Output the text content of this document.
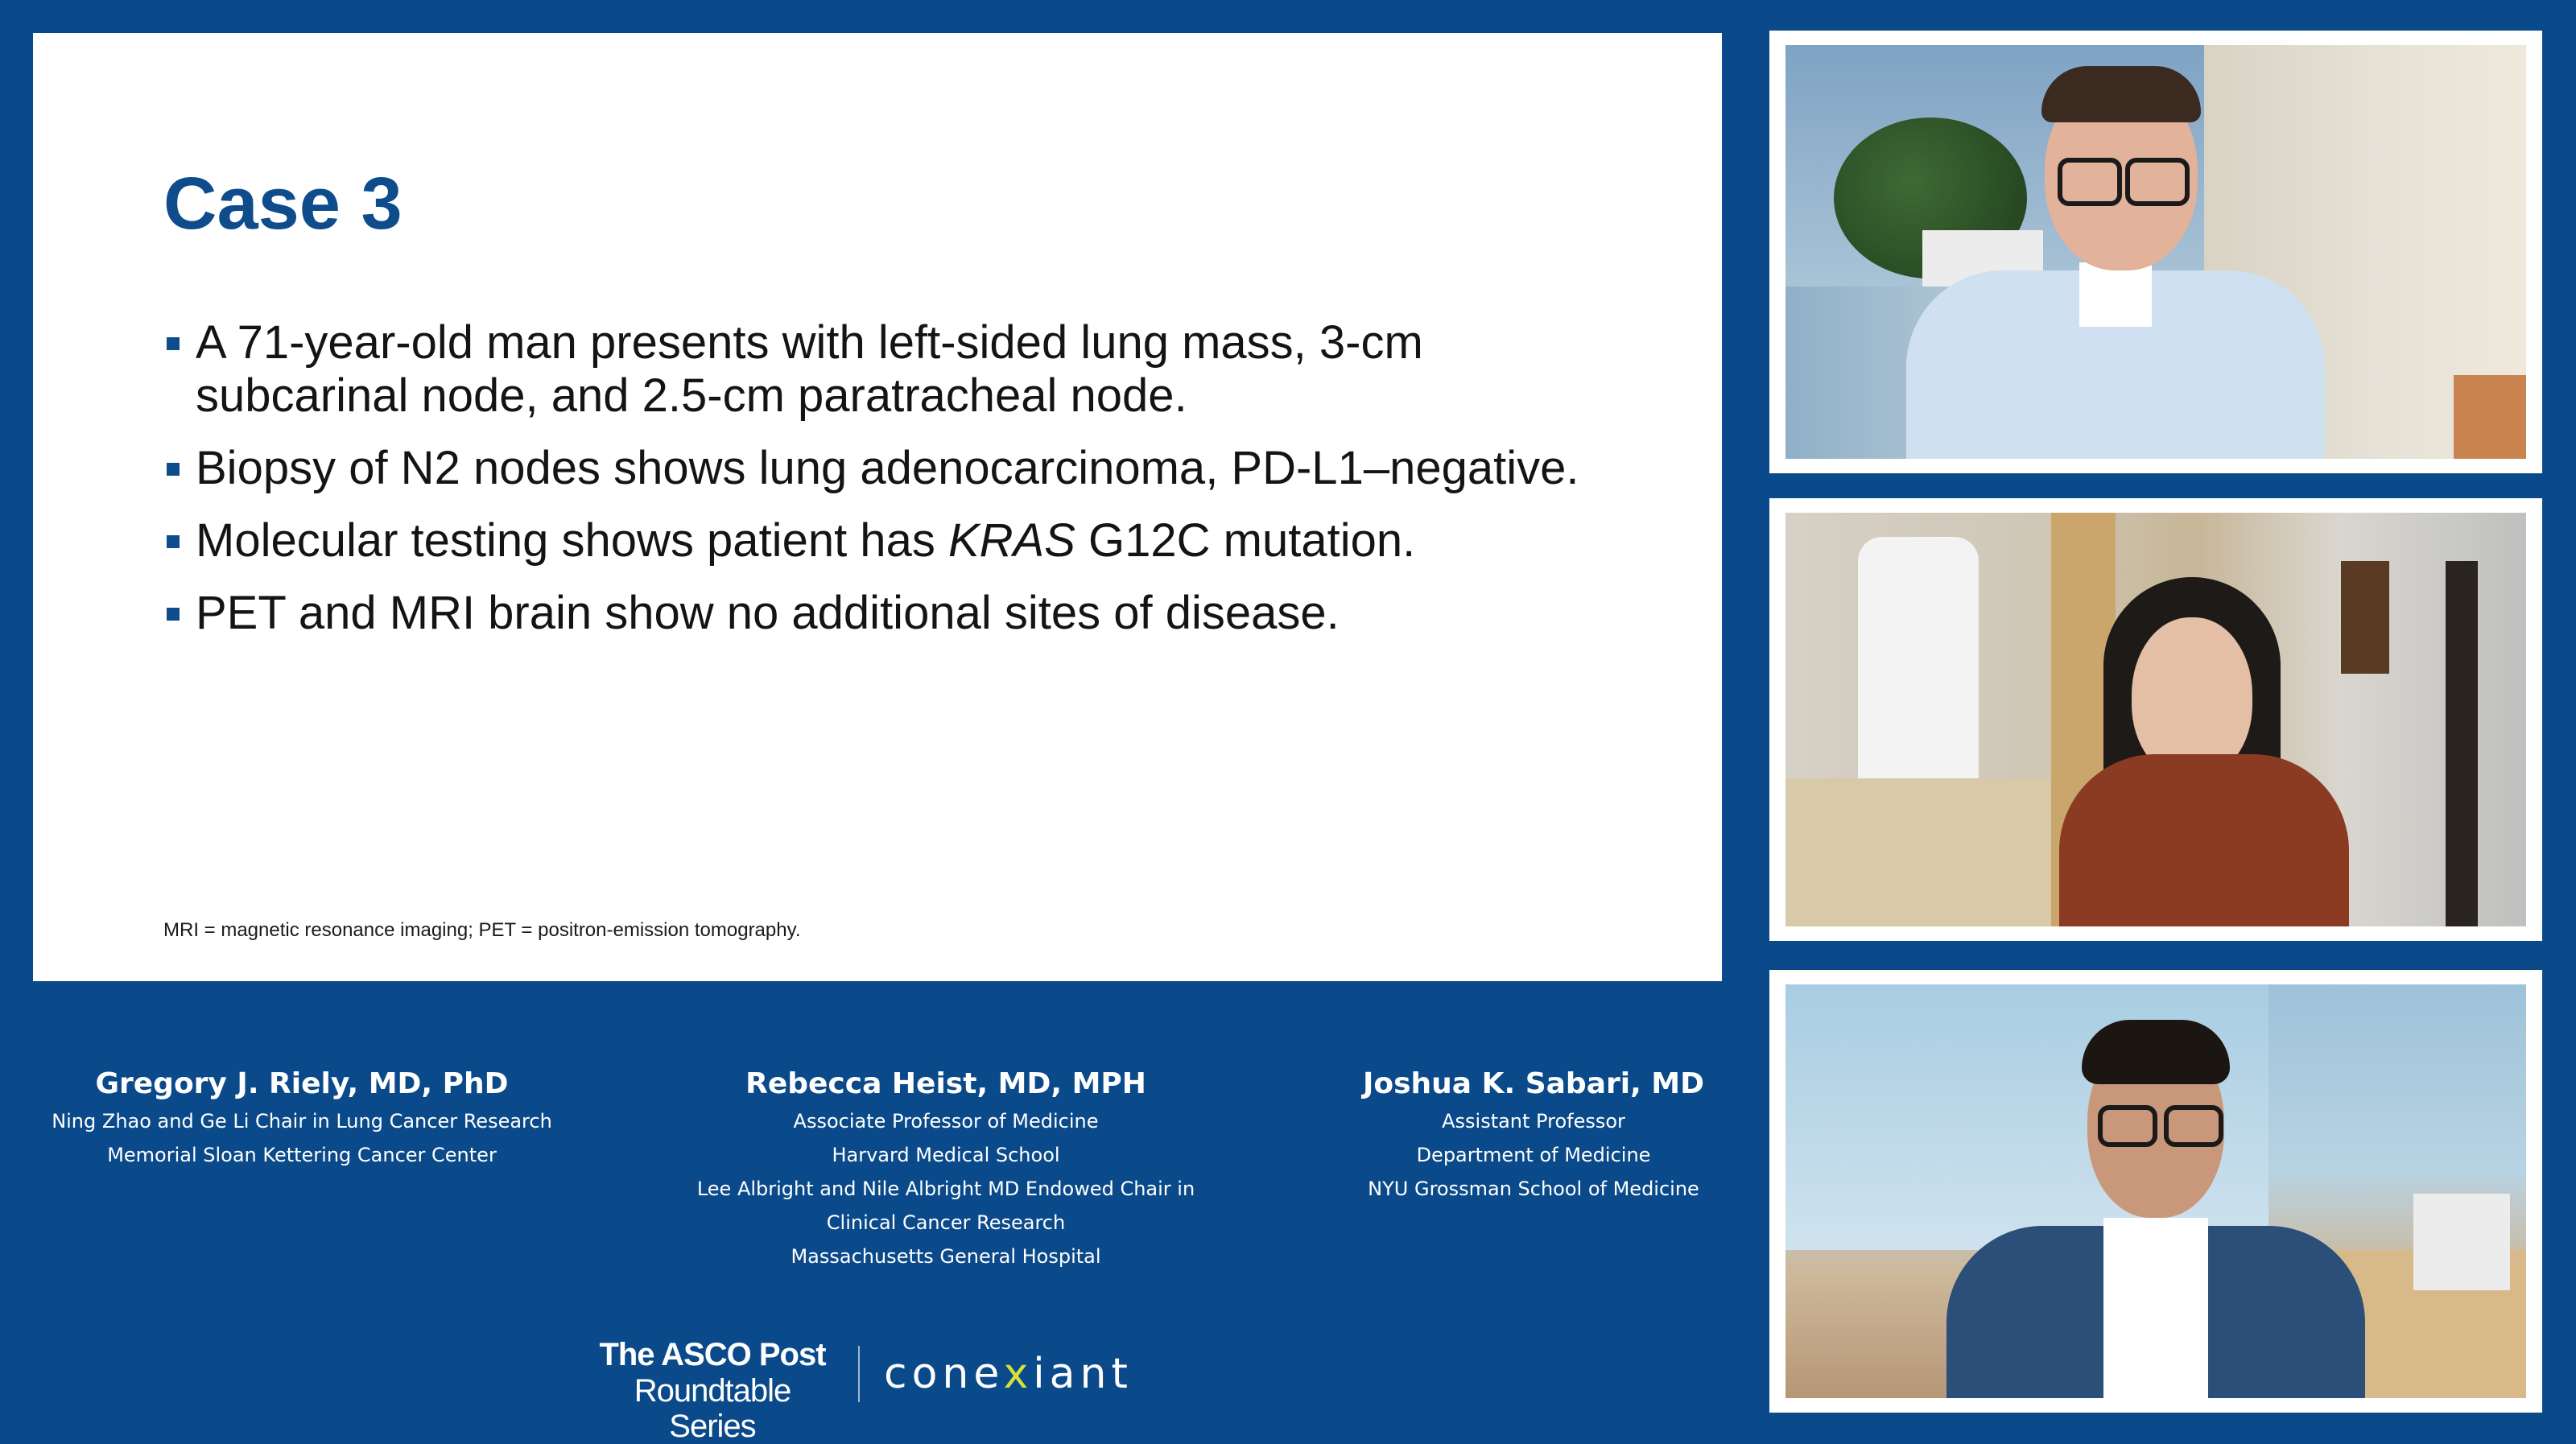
Case 3
A 71-year-old man presents with left-sided lung mass, 3-cm subcarinal node, and 2.5-cm paratracheal node.
Biopsy of N2 nodes shows lung adenocarcinoma, PD-L1–negative.
Molecular testing shows patient has KRAS G12C mutation.
PET and MRI brain show no additional sites of disease.
MRI = magnetic resonance imaging; PET = positron-emission tomography.
Gregory J. Riely, MD, PhD
Ning Zhao and Ge Li Chair in Lung Cancer Research
Memorial Sloan Kettering Cancer Center
Rebecca Heist, MD, MPH
Associate Professor of Medicine
Harvard Medical School
Lee Albright and Nile Albright MD Endowed Chair in
Clinical Cancer Research
Massachusetts General Hospital
Joshua K. Sabari, MD
Assistant Professor
Department of Medicine
NYU Grossman School of Medicine
The ASCO Post
Roundtable Series
conexiant
